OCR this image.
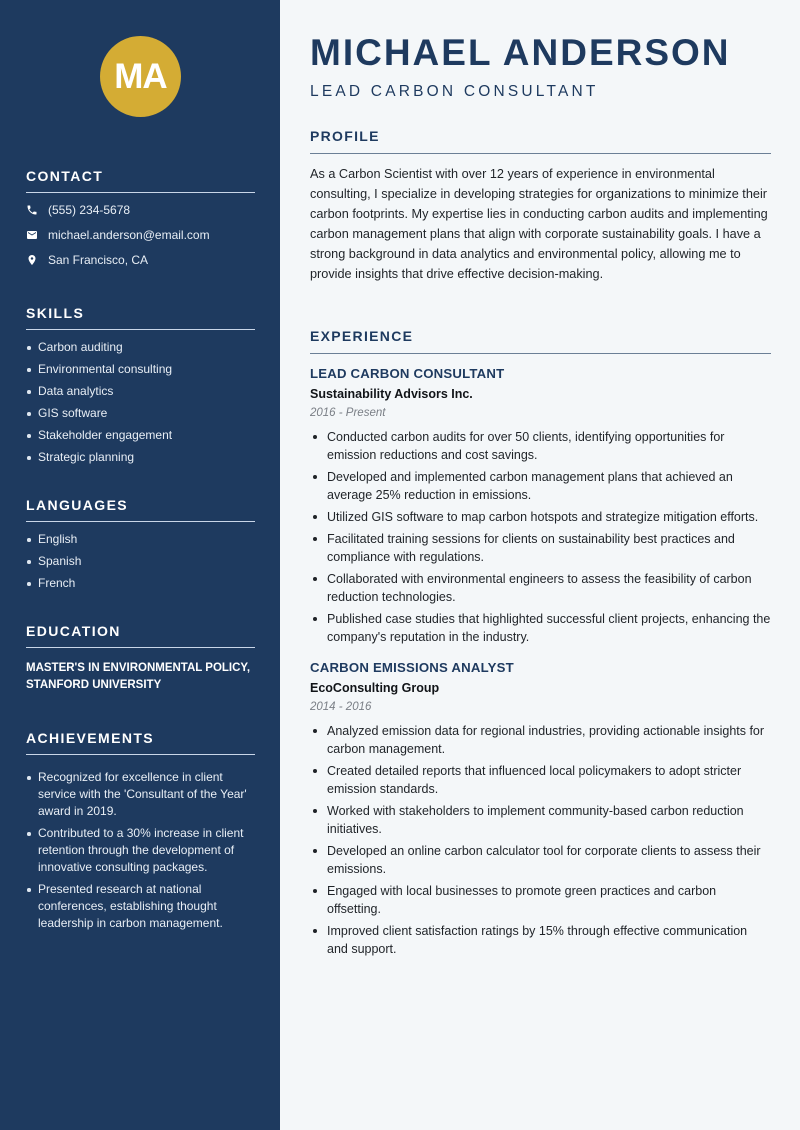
MA
CONTACT
(555) 234-5678
michael.anderson@email.com
San Francisco, CA
SKILLS
Carbon auditing
Environmental consulting
Data analytics
GIS software
Stakeholder engagement
Strategic planning
LANGUAGES
English
Spanish
French
EDUCATION
MASTER'S IN ENVIRONMENTAL POLICY, STANFORD UNIVERSITY
ACHIEVEMENTS
Recognized for excellence in client service with the 'Consultant of the Year' award in 2019.
Contributed to a 30% increase in client retention through the development of innovative consulting packages.
Presented research at national conferences, establishing thought leadership in carbon management.
MICHAEL ANDERSON
LEAD CARBON CONSULTANT
PROFILE

As a Carbon Scientist with over 12 years of experience in environmental consulting, I specialize in developing strategies for organizations to minimize their carbon footprints. My expertise lies in conducting carbon audits and implementing carbon management plans that align with corporate sustainability goals. I have a strong background in data analytics and environmental policy, allowing me to provide insights that drive effective decision-making.

EXPERIENCE
LEAD CARBON CONSULTANT
Sustainability Advisors Inc.
2016 - Present
Conducted carbon audits for over 50 clients, identifying opportunities for emission reductions and cost savings.
Developed and implemented carbon management plans that achieved an average 25% reduction in emissions.
Utilized GIS software to map carbon hotspots and strategize mitigation efforts.
Facilitated training sessions for clients on sustainability best practices and compliance with regulations.
Collaborated with environmental engineers to assess the feasibility of carbon reduction technologies.
Published case studies that highlighted successful client projects, enhancing the company's reputation in the industry.
CARBON EMISSIONS ANALYST
EcoConsulting Group
2014 - 2016
Analyzed emission data for regional industries, providing actionable insights for carbon management.
Created detailed reports that influenced local policymakers to adopt stricter emission standards.
Worked with stakeholders to implement community-based carbon reduction initiatives.
Developed an online carbon calculator tool for corporate clients to assess their emissions.
Engaged with local businesses to promote green practices and carbon offsetting.
Improved client satisfaction ratings by 15% through effective communication and support.
